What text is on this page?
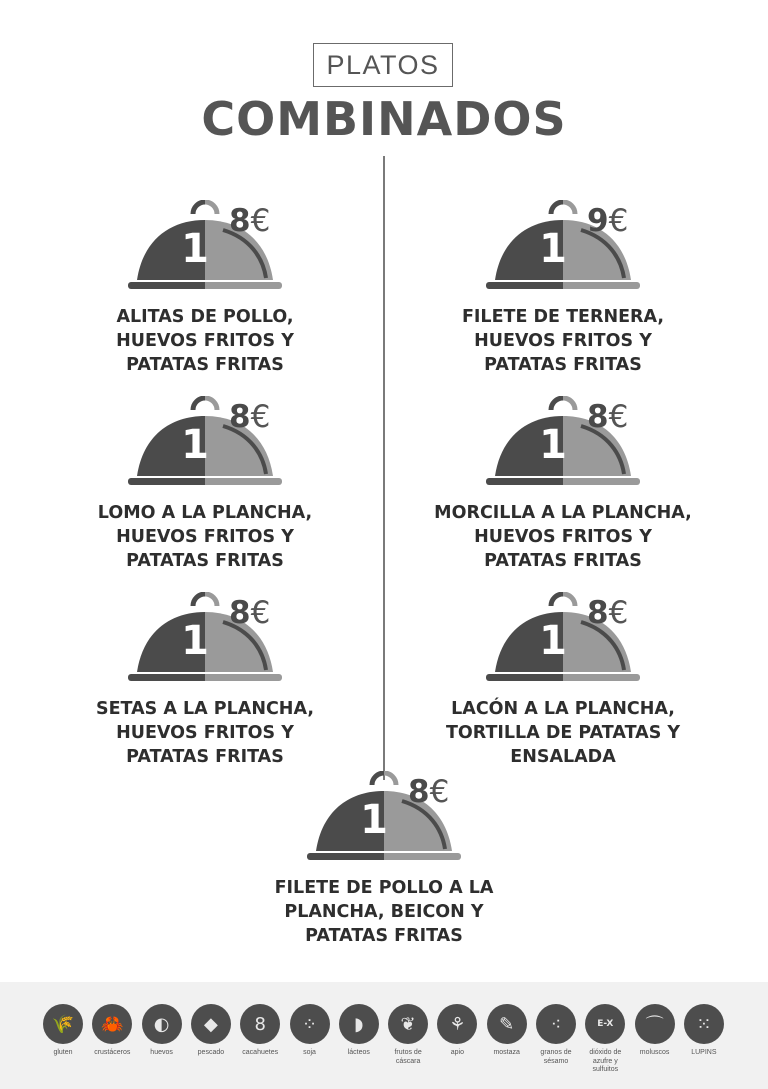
PLATOS
COMBINADOS
1
8€
ALITAS DE POLLO,
HUEVOS FRITOS Y
PATATAS FRITAS
1
9€
FILETE DE TERNERA,
HUEVOS FRITOS Y
PATATAS FRITAS
1
8€
LOMO A LA PLANCHA,
HUEVOS FRITOS Y
PATATAS FRITAS
1
8€
MORCILLA A LA PLANCHA,
HUEVOS FRITOS Y
PATATAS FRITAS
1
8€
SETAS A LA PLANCHA,
HUEVOS FRITOS Y
PATATAS FRITAS
1
8€
LACÓN A LA PLANCHA,
TORTILLA DE PATATAS Y
ENSALADA
1
8€
FILETE DE POLLO A LA
PLANCHA, BEICON Y
PATATAS FRITAS
🌾
gluten
🦀
crustáceros
◐
huevos
◆
pescado
8
cacahuetes
⁘
soja
◗
lácteos
❦
frutos de
cáscara
⚘
apio
✎
mostaza
⁖
granos de
sésamo
E-X
dióxido de
azufre y
sulfuitos
⌒
moluscos
⁙
LUPINS
